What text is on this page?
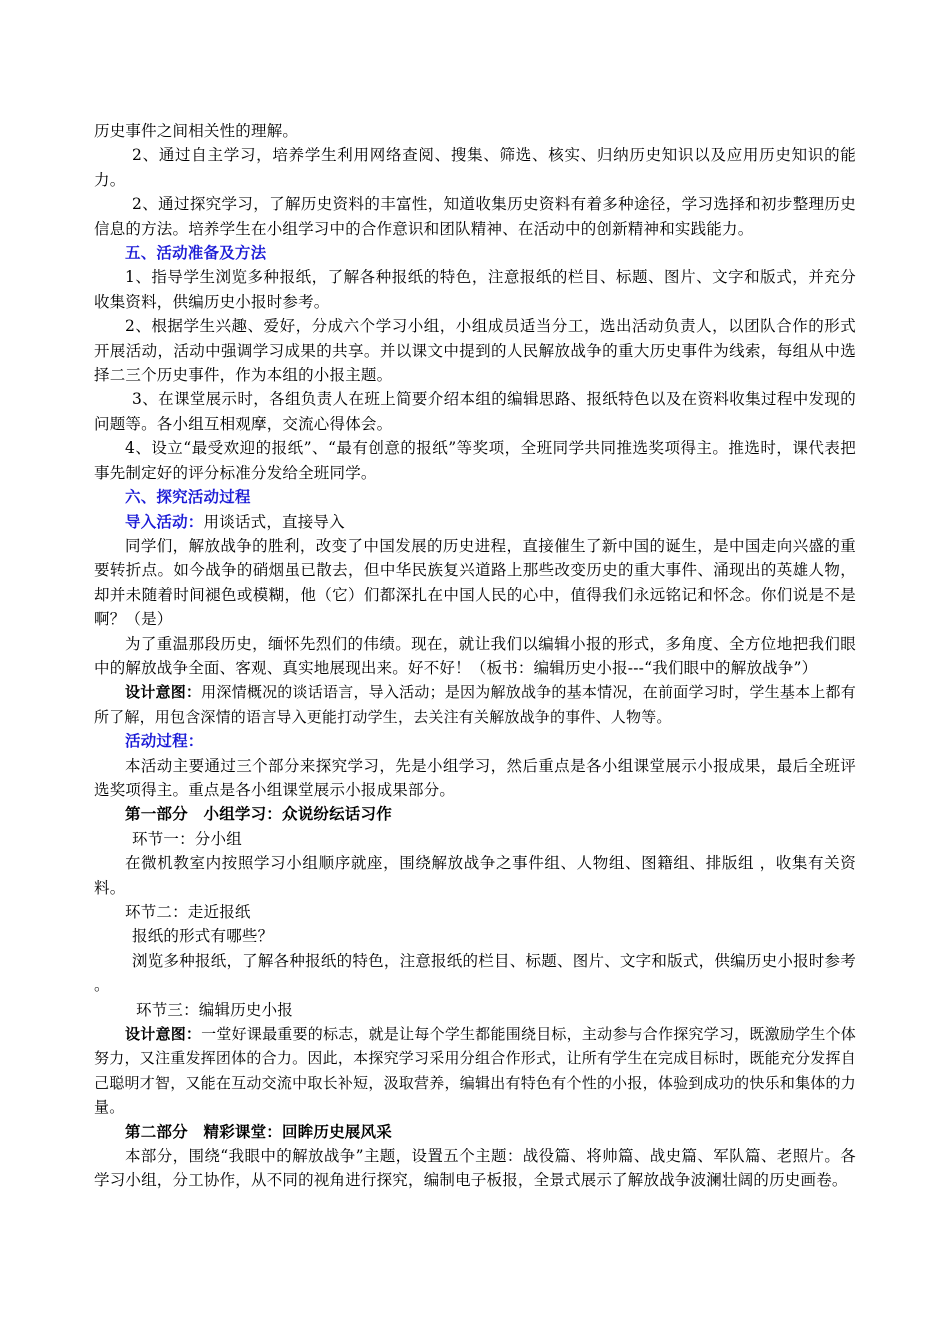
历史事件之间相关性的理解。

2、通过自主学习，培养学生利用网络查阅、搜集、筛选、核实、归纳历史知识以及应用历史知识的能力。

2、通过探究学习，了解历史资料的丰富性，知道收集历史资料有着多种途径，学习选择和初步整理历史信息的方法。培养学生在小组学习中的合作意识和团队精神、在活动中的创新精神和实践能力。

五、活动准备及方法

1、指导学生浏览多种报纸，了解各种报纸的特色，注意报纸的栏目、标题、图片、文字和版式，并充分收集资料，供编历史小报时参考。

2、根据学生兴趣、爱好，分成六个学习小组，小组成员适当分工，选出活动负责人，以团队合作的形式开展活动，活动中强调学习成果的共享。并以课文中提到的人民解放战争的重大历史事件为线索，每组从中选择二三个历史事件，作为本组的小报主题。

3、在课堂展示时，各组负责人在班上简要介绍本组的编辑思路、报纸特色以及在资料收集过程中发现的问题等。各小组互相观摩，交流心得体会。

4、设立“最受欢迎的报纸”、“最有创意的报纸”等奖项，全班同学共同推选奖项得主。推选时，课代表把事先制定好的评分标准分发给全班同学。

六、探究活动过程

导入活动：用谈话式，直接导入

同学们，解放战争的胜利，改变了中国发展的历史进程，直接催生了新中国的诞生，是中国走向兴盛的重要转折点。如今战争的硝烟虽已散去，但中华民族复兴道路上那些改变历史的重大事件、涌现出的英雄人物，却并未随着时间褪色或模糊，他（它）们都深扎在中国人民的心中，值得我们永远铭记和怀念。你们说是不是啊？（是）

为了重温那段历史，缅怀先烈们的伟绩。现在，就让我们以编辑小报的形式，多角度、全方位地把我们眼中的解放战争全面、客观、真实地展现出来。好不好！（板书：编辑历史小报---“我们眼中的解放战争”）

设计意图：用深情概况的谈话语言，导入活动；是因为解放战争的基本情况，在前面学习时，学生基本上都有所了解，用包含深情的语言导入更能打动学生，去关注有关解放战争的事件、人物等。

活动过程：

本活动主要通过三个部分来探究学习，先是小组学习，然后重点是各小组课堂展示小报成果，最后全班评选奖项得主。重点是各小组课堂展示小报成果部分。

第一部分　小组学习：众说纷纭话习作

环节一：分小组

在微机教室内按照学习小组顺序就座，围绕解放战争之事件组、人物组、图籍组、排版组 ，收集有关资料。

环节二：走近报纸

报纸的形式有哪些？

浏览多种报纸，了解各种报纸的特色，注意报纸的栏目、标题、图片、文字和版式，供编历史小报时参考 。

环节三：编辑历史小报

设计意图：一堂好课最重要的标志，就是让每个学生都能围绕目标，主动参与合作探究学习，既激励学生个体努力，又注重发挥团体的合力。因此，本探究学习采用分组合作形式，让所有学生在完成目标时，既能充分发挥自己聪明才智，又能在互动交流中取长补短，汲取营养，编辑出有特色有个性的小报，体验到成功的快乐和集体的力量。

第二部分　精彩课堂：回眸历史展风采

本部分，围绕“我眼中的解放战争”主题，设置五个主题：战役篇、将帅篇、战史篇、军队篇、老照片。各学习小组，分工协作，从不同的视角进行探究，编制电子板报，全景式展示了解放战争波澜壮阔的历史画卷。
